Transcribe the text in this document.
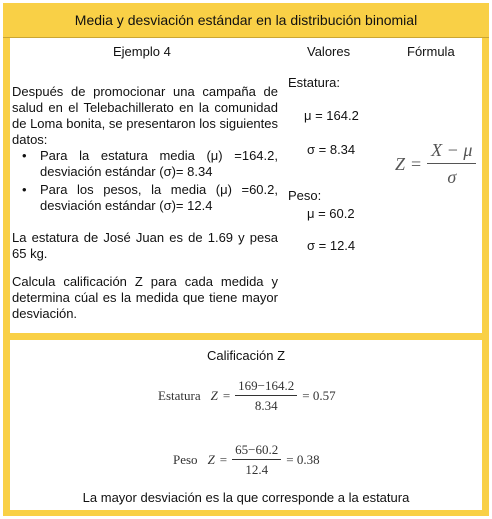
Media y desviación estándar en la distribución binomial
Ejemplo 4	Valores	Fórmula

Después de promocionar una campaña de salud en el Telebachillerato en la comunidad de Loma bonita, se presentaron los siguientes datos:

• Para la estatura media (μ) =164.2, desviación estándar (σ)= 8.34
• Para los pesos, la media (μ) =60.2, desviación estándar (σ)= 12.4

La estatura de José Juan es de 1.69 y pesa 65 kg.

Calcula calificación Z para cada medida y determina cúal es la medida que tiene mayor desviación.

Estatura:
μ = 164.2
σ = 8.34
Peso:
μ = 60.2
σ = 12.4
$Z = \frac{X - \mu}{\sigma}$
Calificación Z
Estatura $Z = \frac{169-164.2}{8.34} = 0.57$
Peso $Z = \frac{65-60.2}{12.4} = 0.38$
La mayor desviación es la que corresponde a la estatura
